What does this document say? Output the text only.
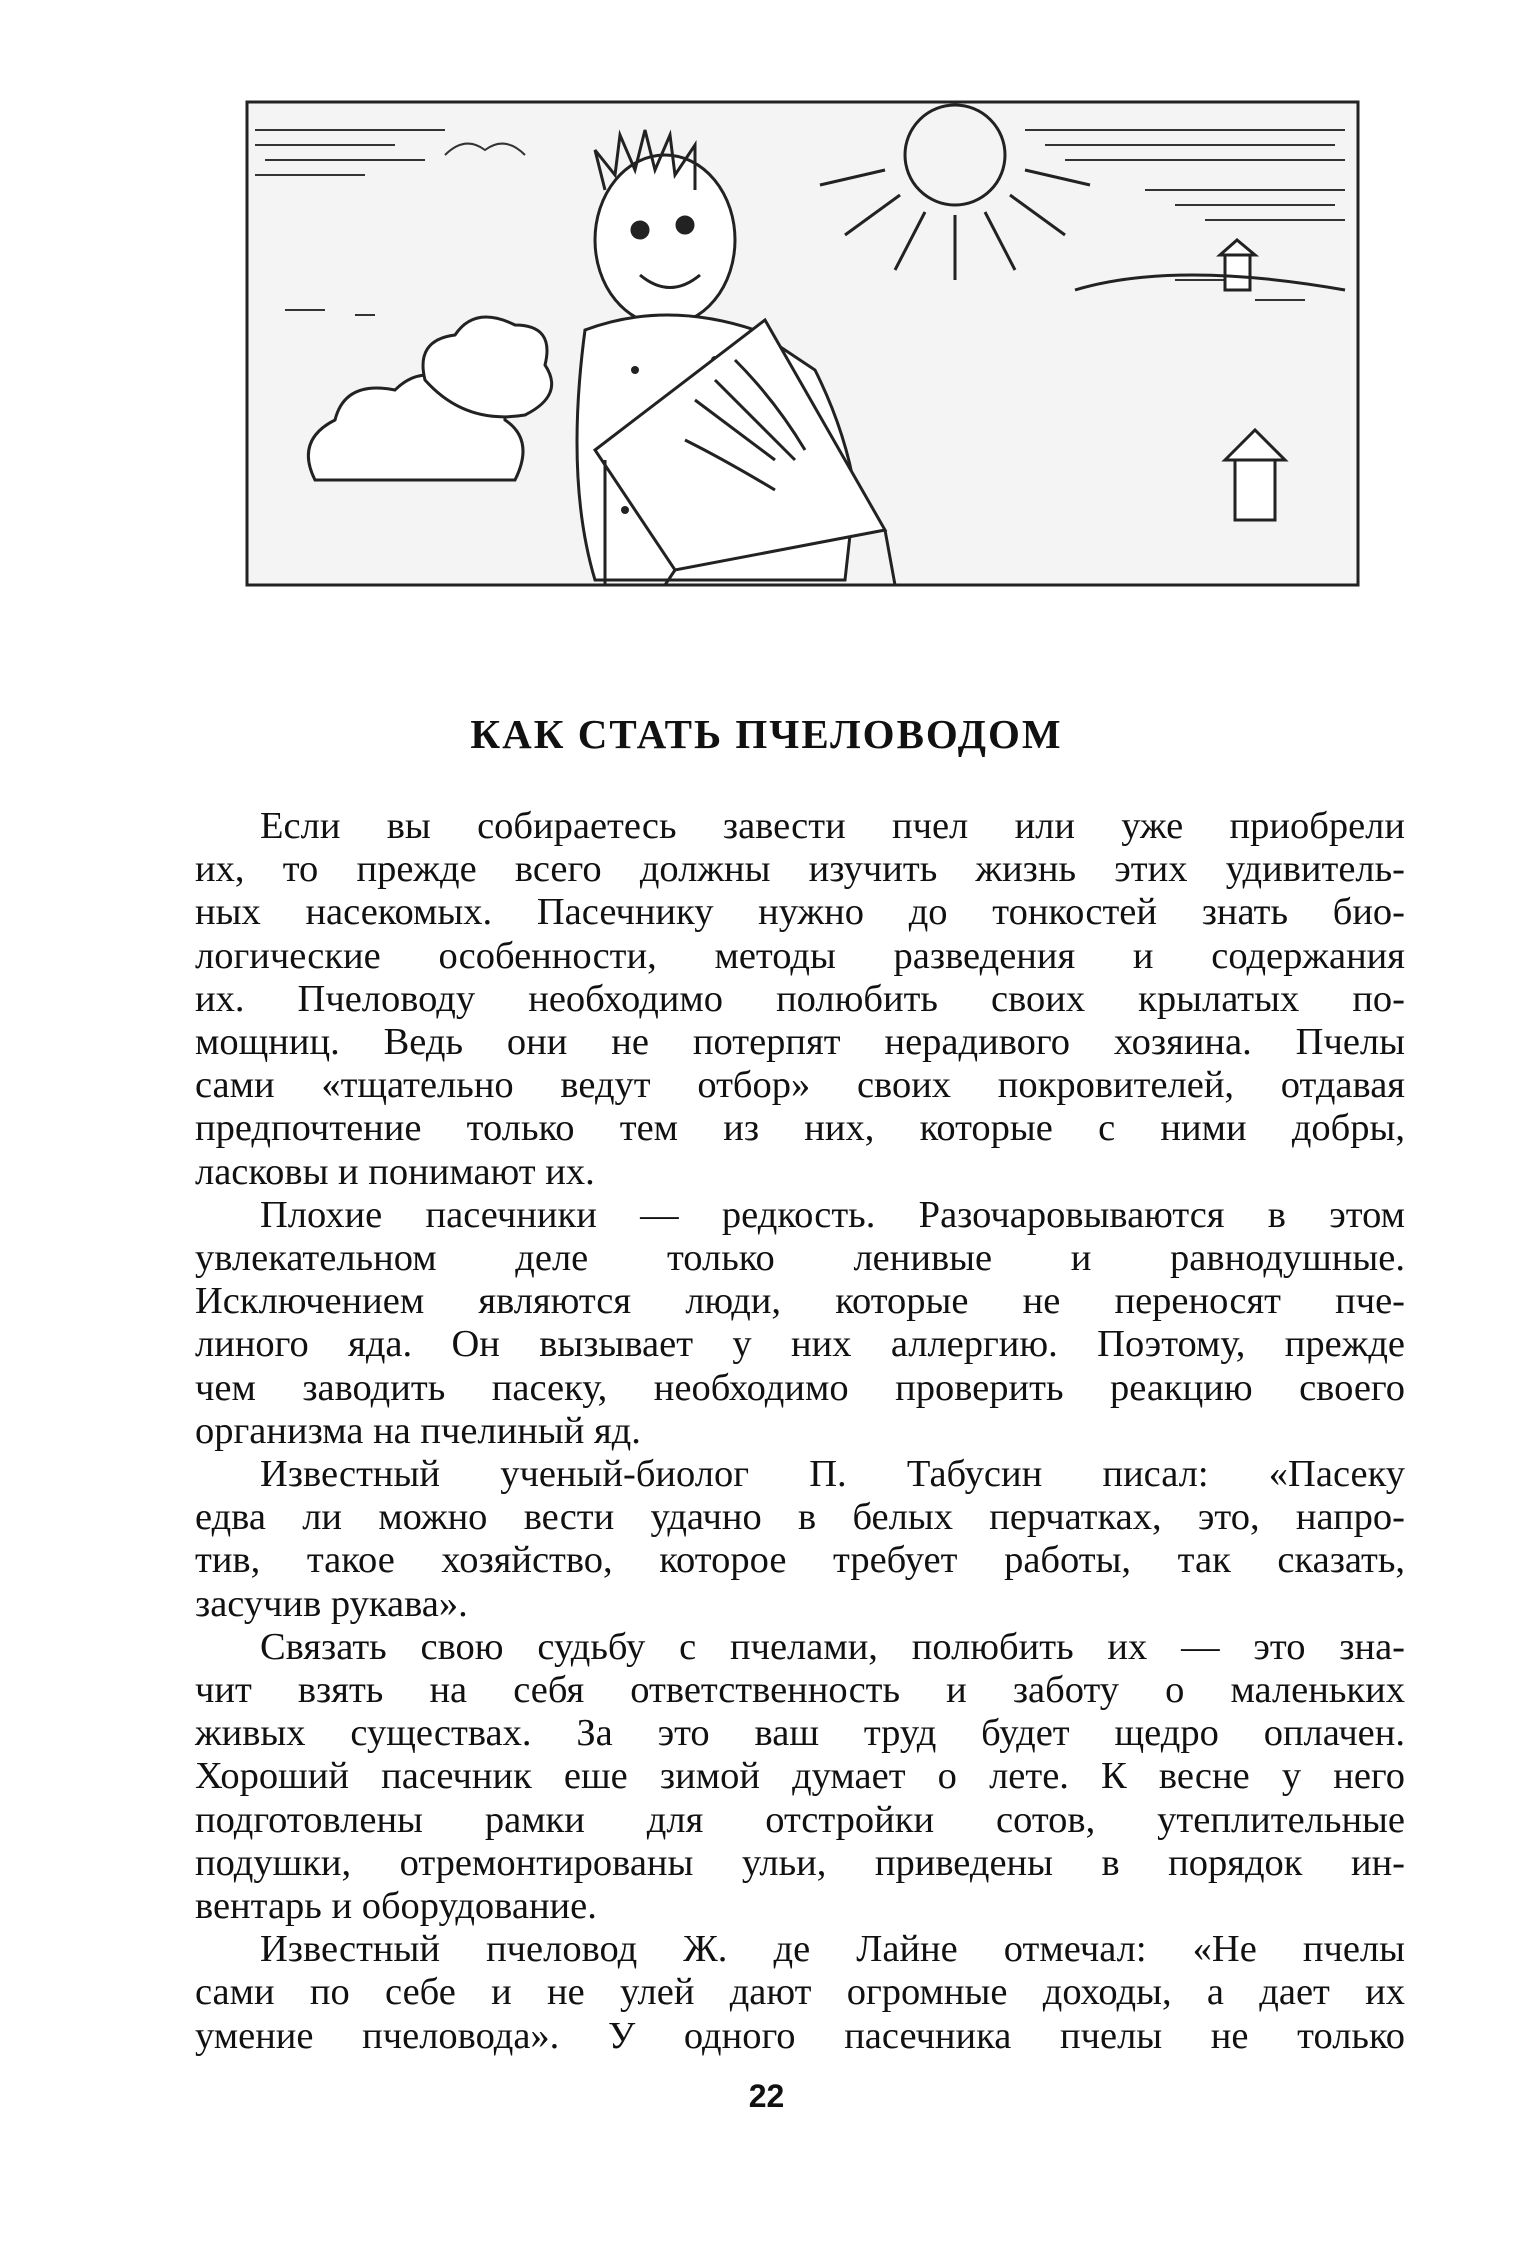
КАК СТАТЬ ПЧЕЛОВОДОМ

Если вы собираетесь завести пчел или уже приобрели
их, то прежде всего должны изучить жизнь этих удивитель-
ных насекомых. Пасечнику нужно до тонкостей знать био-
логические особенности, методы разведения и содержания
их. Пчеловоду необходимо полюбить своих крылатых по-
мощниц. Ведь они не потерпят нерадивого хозяина. Пчелы
сами «тщательно ведут отбор» своих покровителей, отдавая
предпочтение только тем из них, которые с ними добры,
ласковы и понимают их.

Плохие пасечники — редкость. Разочаровываются в этом
увлекательном деле только ленивые и равнодушные.
Исключением являются люди, которые не переносят пче-
линого яда. Он вызывает у них аллергию. Поэтому, прежде
чем заводить пасеку, необходимо проверить реакцию своего
организма на пчелиный яд.

Известный ученый-биолог П. Табусин писал: «Пасеку
едва ли можно вести удачно в белых перчатках, это, напро-
тив, такое хозяйство, которое требует работы, так сказать,
засучив рукава».

Связать свою судьбу с пчелами, полюбить их — это зна-
чит взять на себя ответственность и заботу о маленьких
живых существах. За это ваш труд будет щедро оплачен.
Хороший пасечник еше зимой думает о лете. К весне у него
подготовлены рамки для отстройки сотов, утеплительные
подушки, отремонтированы ульи, приведены в порядок ин-
вентарь и оборудование.

Известный пчеловод Ж. де Лайне отмечал: «Не пчелы
сами по себе и не улей дают огромные доходы, а дает их
умение пчеловода». У одного пасечника пчелы не только

22
